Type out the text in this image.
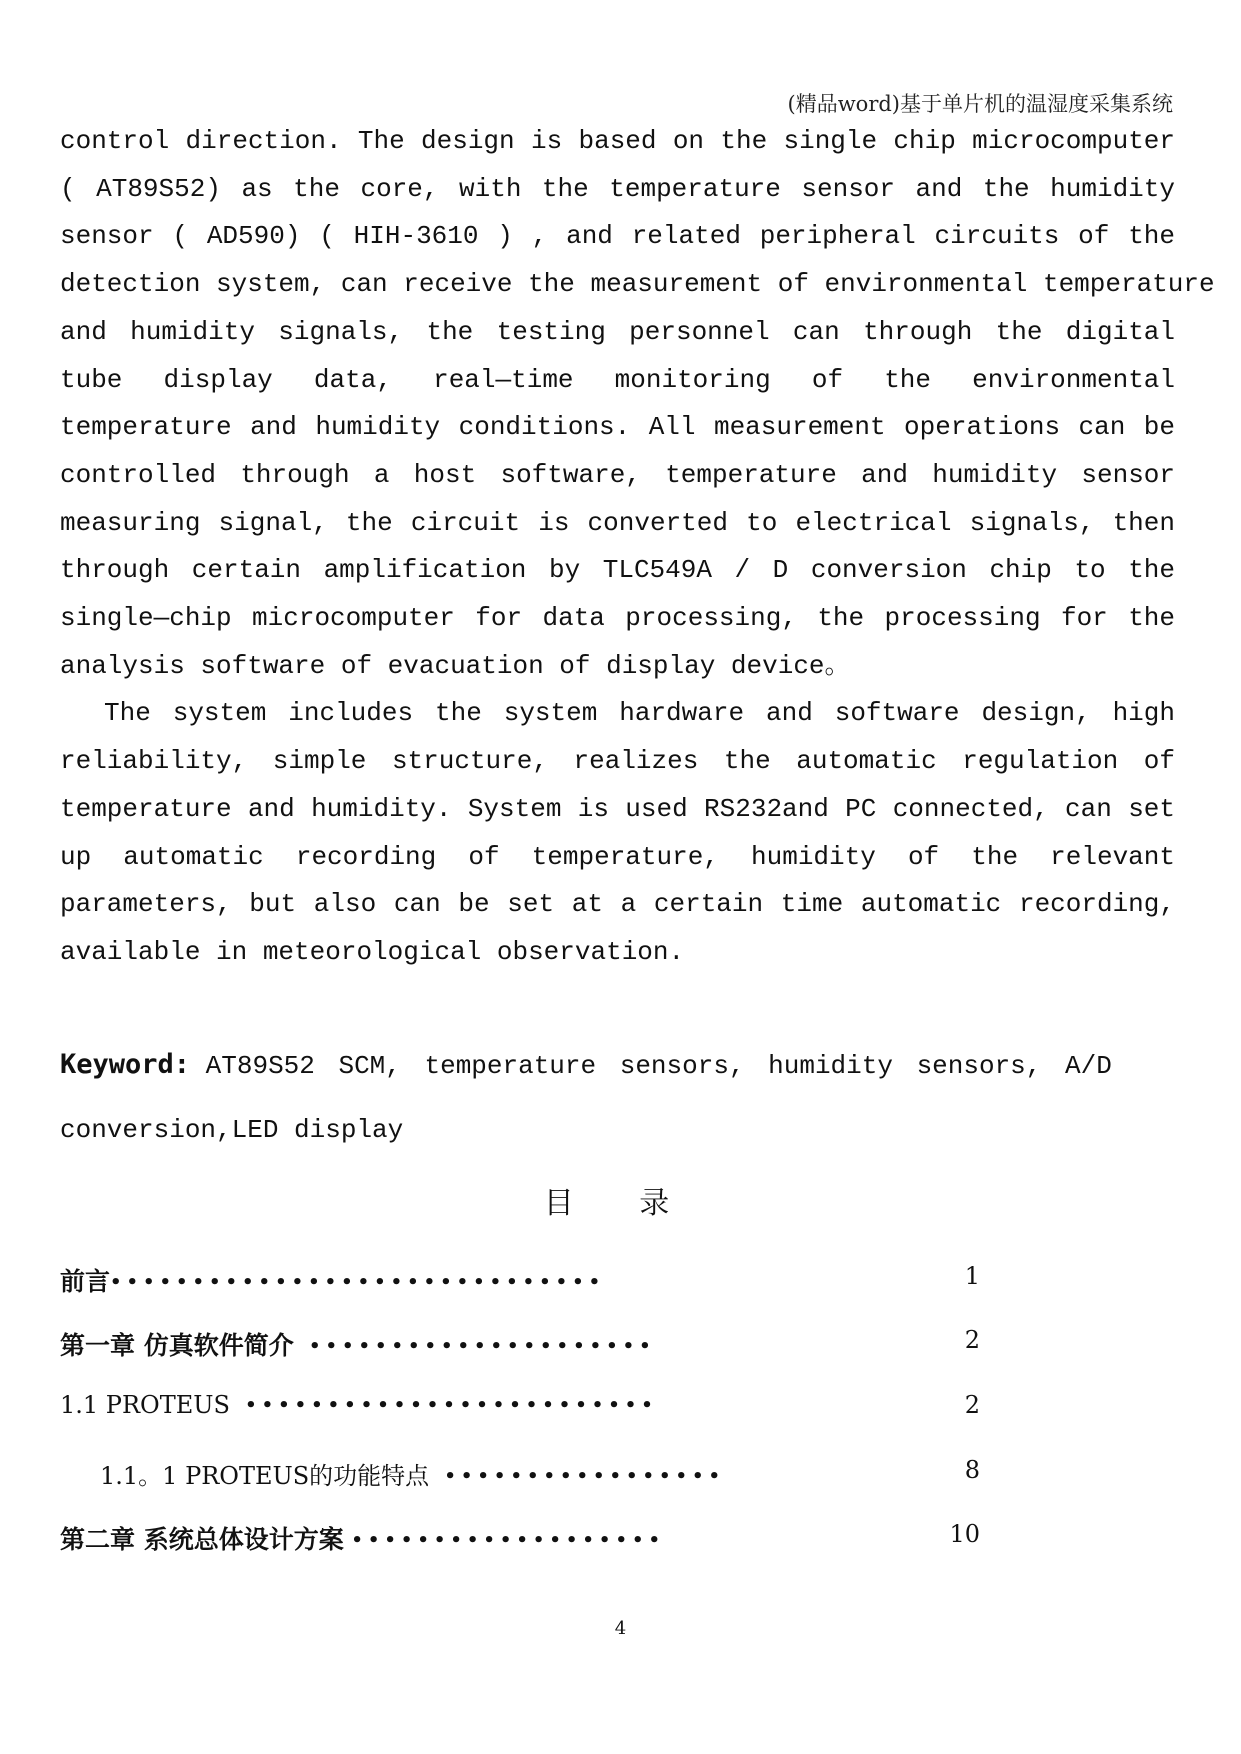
(精品word)基于单片机的温湿度采集系统
control direction. The design is based on the single chip microcomputer
( AT89S52) as the core, with the temperature sensor and the humidity
sensor ( AD590) ( HIH-3610 ) , and related peripheral circuits of the
detection system, can receive the measurement of environmental temperature
and humidity signals, the testing personnel can through the digital
tube display data, real—time monitoring of the environmental
temperature and humidity conditions. All measurement operations can be
controlled through a host software, temperature and humidity sensor
measuring signal, the circuit is converted to electrical signals, then
through certain amplification by TLC549A / D conversion chip to the
single—chip microcomputer for data processing, the processing for the
analysis software of evacuation of display device。
The system includes the system hardware and software design, high
reliability, simple structure, realizes the automatic regulation of
temperature and humidity. System is used RS232and PC connected, can set
up automatic recording of temperature, humidity of the relevant
parameters, but also can be set at a certain time automatic recording,
available in meteorological observation.
Keyword: AT89S52 SCM, temperature sensors, humidity sensors, A/D
conversion,LED display
目 录
前言••••••••••••••••••••••••••••••	1
第一章 仿真软件简介 •••••••••••••••••••••	2
1.1 PROTEUS •••••••••••••••••••••••••	2
1.1。1 PROTEUS的功能特点 •••••••••••••••••	8
第二章 系统总体设计方案 •••••••••••••••••••	10
4
